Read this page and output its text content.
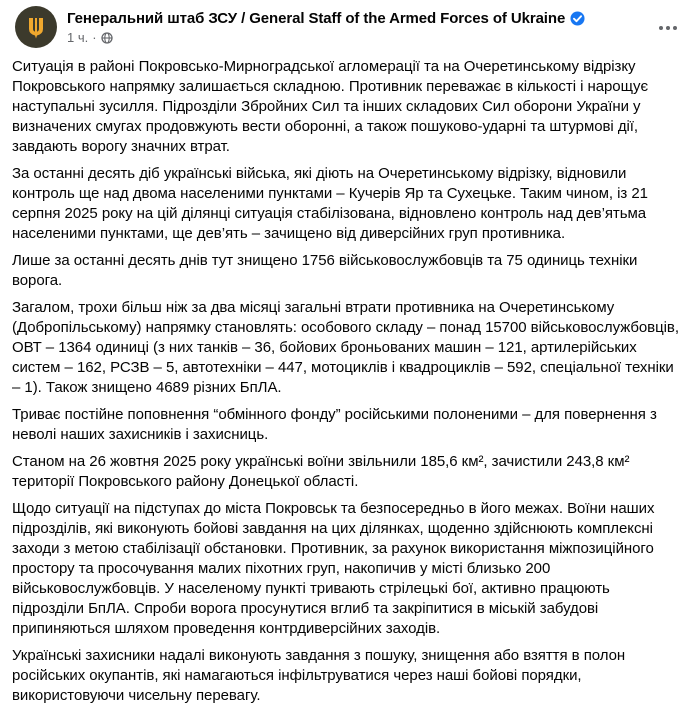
Генеральний штаб ЗСУ / General Staff of the Armed Forces of Ukraine
1 ч. ·

Ситуація в районі Покровсько-Мирноградської агломерації та на Очеретинському відрізку Покровського напрямку залишається складною. Противник переважає в кількості і нарощує наступальні зусилля. Підрозділи Збройних Сил та інших складових Сил оборони України у визначених смугах продовжують вести оборонні, а також пошуково-ударні та штурмові дії, завдають ворогу значних втрат.

За останні десять діб українські війська, які діють на Очеретинському відрізку, відновили контроль ще над двома населеними пунктами – Кучерів Яр та Сухецьке. Таким чином, із 21 серпня 2025 року на цій ділянці ситуація стабілізована, відновлено контроль над дев’ятьма населеними пунктами, ще дев’ять – зачищено від диверсійних груп противника.

Лише за останні десять днів тут знищено 1756 військовослужбовців та 75 одиниць техніки ворога.

Загалом, трохи більш ніж за два місяці загальні втрати противника на Очеретинському (Добропільському) напрямку становлять: особового складу – понад 15700 військовослужбовців, ОВТ – 1364 одиниці (з них танків – 36, бойових броньованих машин – 121, артилерійських систем – 162, РСЗВ – 5, автотехніки – 447, мотоциклів і квадроциклів – 592, спеціальної техніки – 1). Також знищено 4689 різних БпЛА.

Триває постійне поповнення “обмінного фонду” російськими полоненими – для повернення з неволі наших захисників і захисниць.

Станом на 26 жовтня 2025 року українські воїни звільнили 185,6 км², зачистили 243,8 км² території Покровського району Донецької області.

Щодо ситуації на підступах до міста Покровськ та безпосередньо в його межах. Воїни наших підрозділів, які виконують бойові завдання на цих ділянках, щоденно здійснюють комплексні заходи з метою стабілізації обстановки. Противник, за рахунок використання міжпозиційного простору та просочування малих піхотних груп, накопичив у місті близько 200 військовослужбовців. У населеному пункті тривають стрілецькі бої, активно працюють підрозділи БпЛА. Спроби ворога просунутися вглиб та закріпитися в міській забудові припиняються шляхом проведення контрдиверсійних заходів.

Українські захисники надалі виконують завдання з пошуку, знищення або взяття в полон російських окупантів, які намагаються інфільтруватися через наші бойові порядки, використовуючи чисельну перевагу.
